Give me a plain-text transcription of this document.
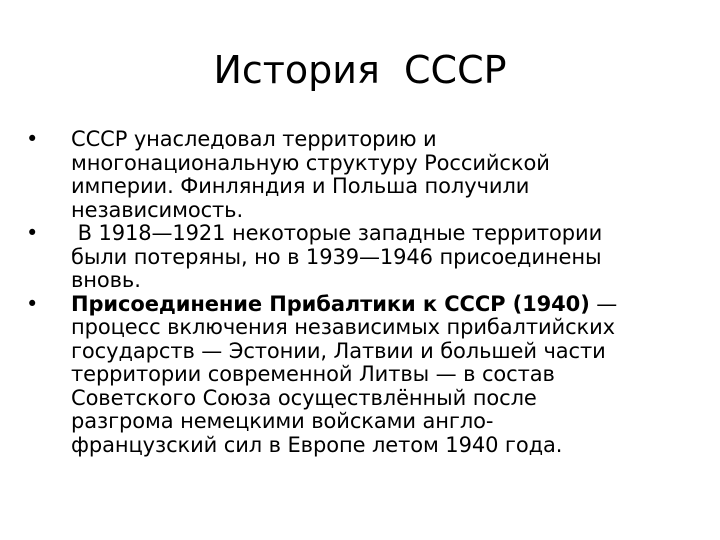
История  СССР
•	СССР унаследовал территорию и
многонациональную структуру Российской
империи. Финляндия и Польша получили
независимость.
•	В 1918—1921 некоторые западные территории
были потеряны, но в 1939—1946 присоединены
вновь.
•	Присоединение Прибалтики к СССР (1940) —
процесс включения независимых прибалтийских
государств — Эстонии, Латвии и большей части
территории современной Литвы — в состав
Советского Союза осуществлённый после
разгрома немецкими войсками англо-
французский сил в Европе летом 1940 года.
